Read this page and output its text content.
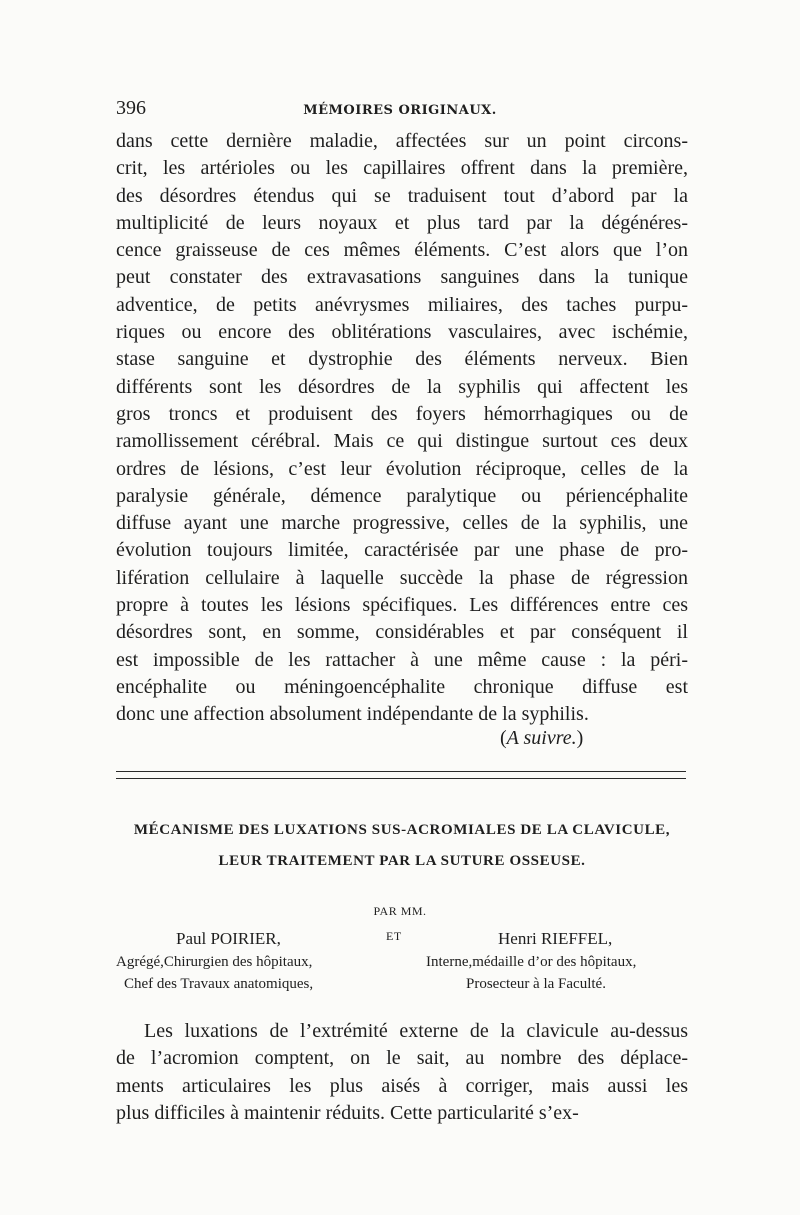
396	MÉMOIRES ORIGINAUX.
dans cette dernière maladie, affectées sur un point circons-
crit, les artérioles ou les capillaires offrent dans la première,
des désordres étendus qui se traduisent tout d’abord par la
multiplicité de leurs noyaux et plus tard par la dégénéres-
cence graisseuse de ces mêmes éléments. C’est alors que l’on
peut constater des extravasations sanguines dans la tunique
adventice, de petits anévrysmes miliaires, des taches purpu-
riques ou encore des oblitérations vasculaires, avec ischémie,
stase sanguine et dystrophie des éléments nerveux. Bien
différents sont les désordres de la syphilis qui affectent les
gros troncs et produisent des foyers hémorrhagiques ou de
ramollissement cérébral. Mais ce qui distingue surtout ces deux
ordres de lésions, c’est leur évolution réciproque, celles de la
paralysie générale, démence paralytique ou périencéphalite
diffuse ayant une marche progressive, celles de la syphilis, une
évolution toujours limitée, caractérisée par une phase de pro-
lifération cellulaire à laquelle succède la phase de régression
propre à toutes les lésions spécifiques. Les différences entre ces
désordres sont, en somme, considérables et par conséquent il
est impossible de les rattacher à une même cause : la péri-
encéphalite ou méningoencéphalite chronique diffuse est
donc une affection absolument indépendante de la syphilis.
(A suivre.)
MÉCANISME DES LUXATIONS SUS-ACROMIALES DE LA CLAVICULE,
LEUR TRAITEMENT PAR LA SUTURE OSSEUSE.
PAR MM.
Paul POIRIER,
Agrégé,Chirurgien des hôpitaux,
Chef des Travaux anatomiques,
Henri RIEFFEL,
Interne,médaille d’or des hôpitaux,
Prosecteur à la Faculté.
ET
Les luxations de l’extrémité externe de la clavicule au-dessus
de l’acromion comptent, on le sait, au nombre des déplace-
ments articulaires les plus aisés à corriger, mais aussi les
plus difficiles à maintenir réduits. Cette particularité s’ex-
